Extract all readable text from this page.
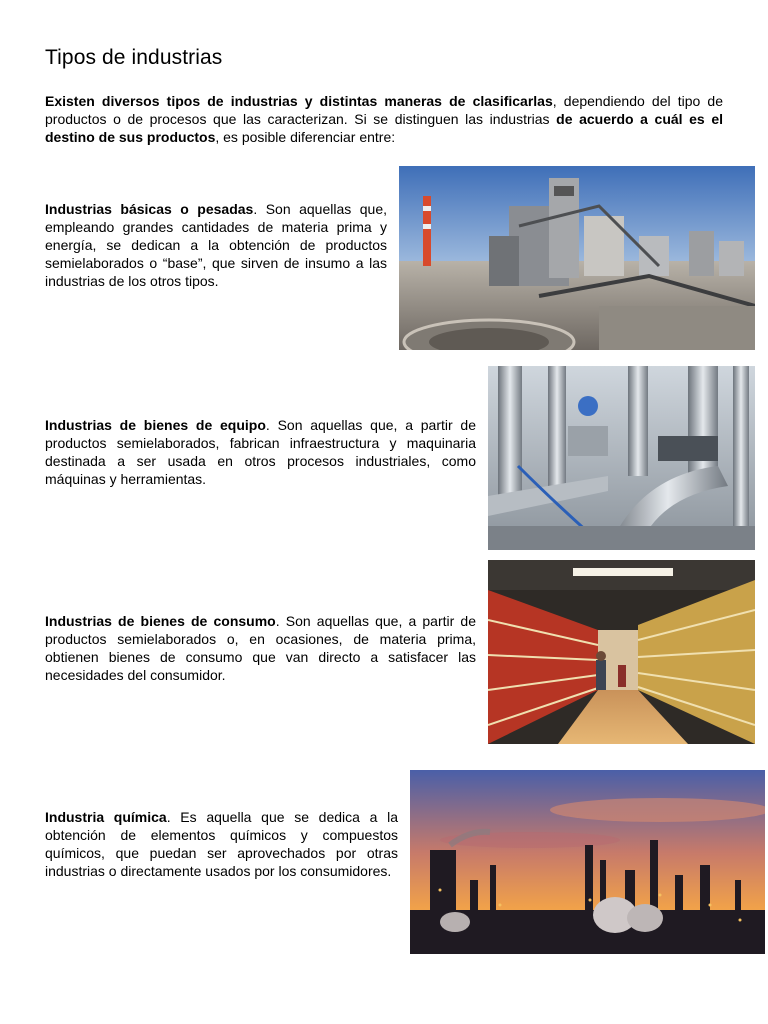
Tipos de industrias

Existen diversos tipos de industrias y distintas maneras de clasificarlas, dependiendo del tipo de productos o de procesos que las caracterizan. Si se distinguen las industrias de acuerdo a cuál es el destino de sus productos, es posible diferenciar entre:

Industrias básicas o pesadas. Son aquellas que, empleando grandes cantidades de materia prima y energía, se dedican a la obtención de productos semielaborados o “base”, que sirven de insumo a las industrias de los otros tipos.

Industrias de bienes de equipo. Son aquellas que, a partir de productos semielaborados, fabrican infraestructura y maquinaria destinada a ser usada en otros procesos industriales, como máquinas y herramientas.

Industrias de bienes de consumo. Son aquellas que, a partir de productos semielaborados o, en ocasiones, de materia prima, obtienen bienes de consumo que van directo a satisfacer las necesidades del consumidor.

Industria química. Es aquella que se dedica a la obtención de elementos químicos y compuestos químicos, que puedan ser aprovechados por otras industrias o directamente usados por los consumidores.
